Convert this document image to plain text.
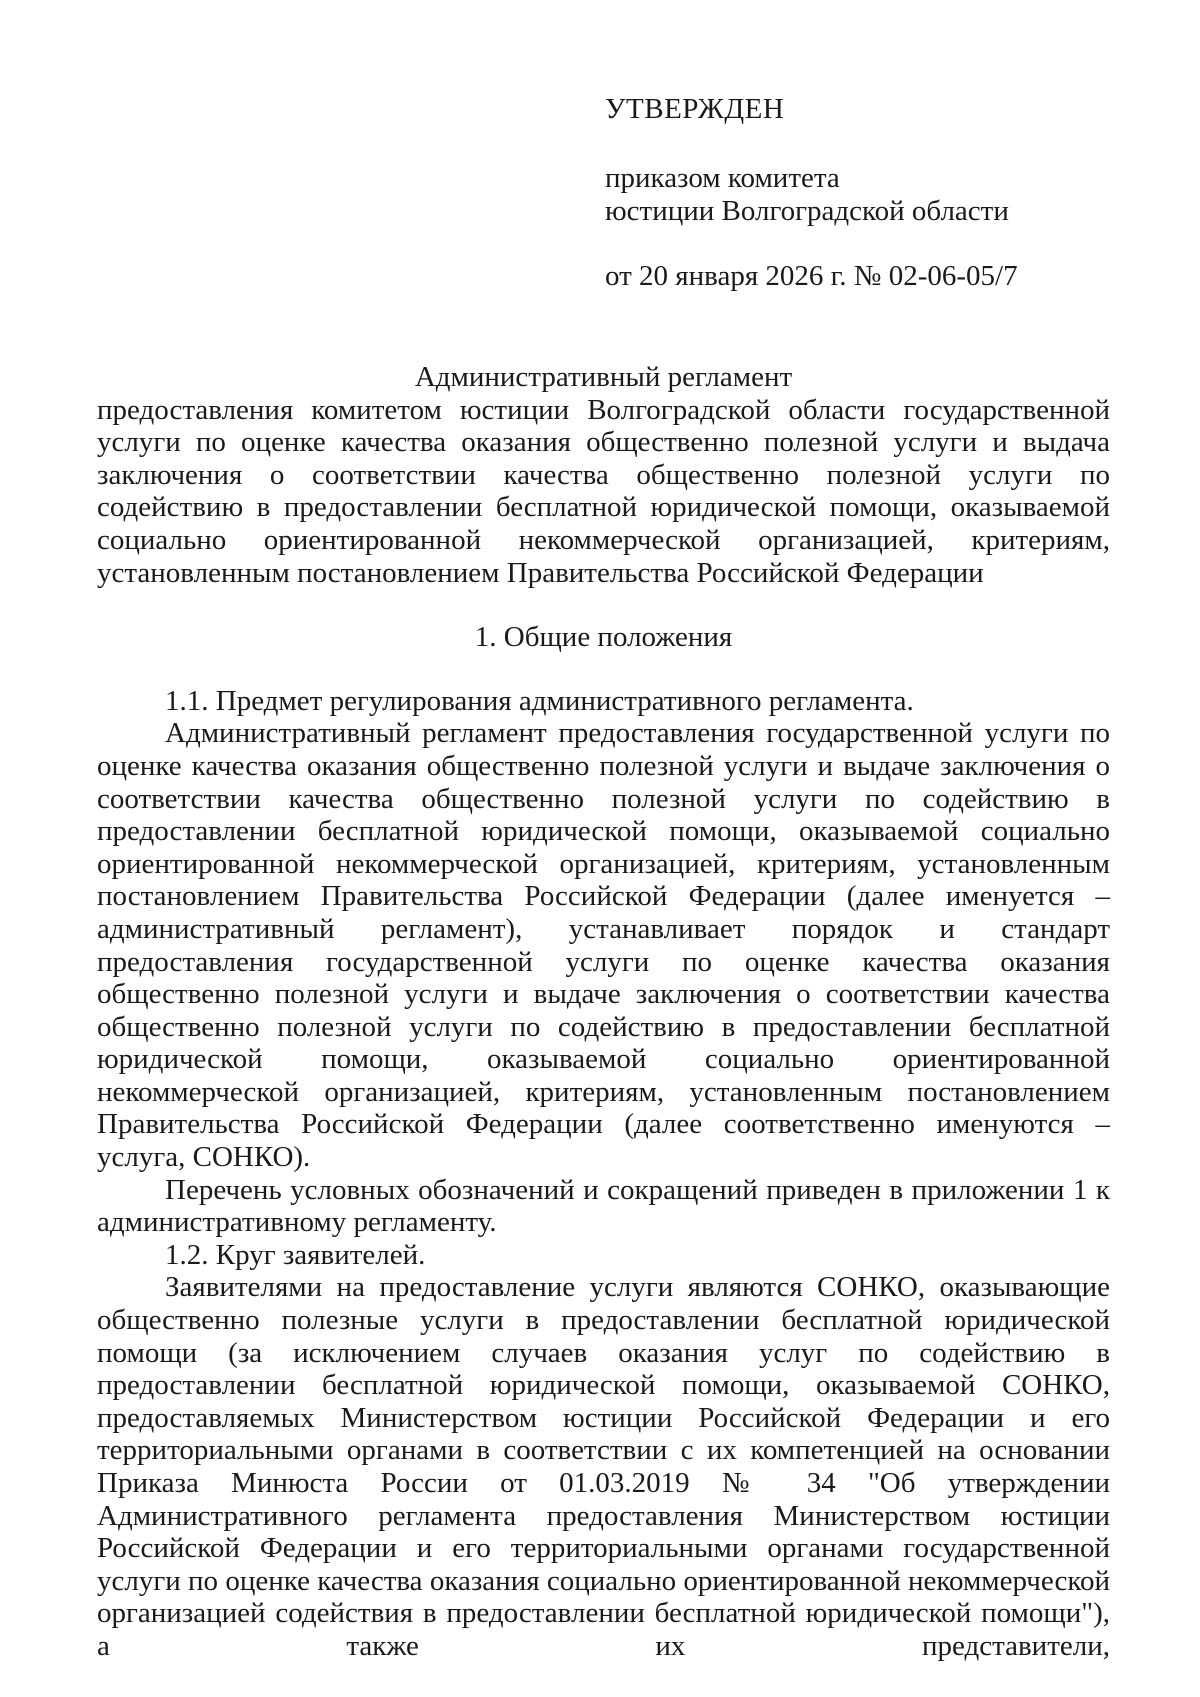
УТВЕРЖДЕН
приказом комитета
юстиции Волгоградской области
от 20 января 2026 г. № 02-06-05/7
Административный регламент

предоставления комитетом юстиции Волгоградской области государственной услуги по оценке качества оказания общественно полезной услуги и выдача заключения о соответствии качества общественно полезной услуги по содействию в предоставлении бесплатной юридической помощи, оказываемой социально ориентированной некоммерческой организацией, критериям, установленным постановлением Правительства Российской Федерации

1. Общие положения

1.1. Предмет регулирования административного регламента.

Административный регламент предоставления государственной услуги по оценке качества оказания общественно полезной услуги и выдаче заключения о соответствии качества общественно полезной услуги по содействию в предоставлении бесплатной юридической помощи, оказываемой социально ориентированной некоммерческой организацией, критериям, установленным постановлением Правительства Российской Федерации (далее именуется – административный регламент), устанавливает порядок и стандарт предоставления государственной услуги по оценке качества оказания общественно полезной услуги и выдаче заключения о соответствии качества общественно полезной услуги по содействию в предоставлении бесплатной юридической помощи, оказываемой социально ориентированной некоммерческой организацией, критериям, установленным постановлением Правительства Российской Федерации (далее соответственно именуются – услуга, СОНКО).

Перечень условных обозначений и сокращений приведен в приложении 1 к административному регламенту.

1.2. Круг заявителей.

Заявителями на предоставление услуги являются СОНКО, оказывающие общественно полезные услуги в предоставлении бесплатной юридической помощи (за исключением случаев оказания услуг по содействию в предоставлении бесплатной юридической помощи, оказываемой СОНКО, предоставляемых Министерством юстиции Российской Федерации и его территориальными органами в соответствии с их компетенцией на основании Приказа Минюста России от 01.03.2019 № 34 "Об утверждении Административного регламента предоставления Министерством юстиции Российской Федерации и его территориальными органами государственной услуги по оценке качества оказания социально ориентированной некоммерческой организацией содействия в предоставлении бесплатной юридической помощи"), а также их представители,
